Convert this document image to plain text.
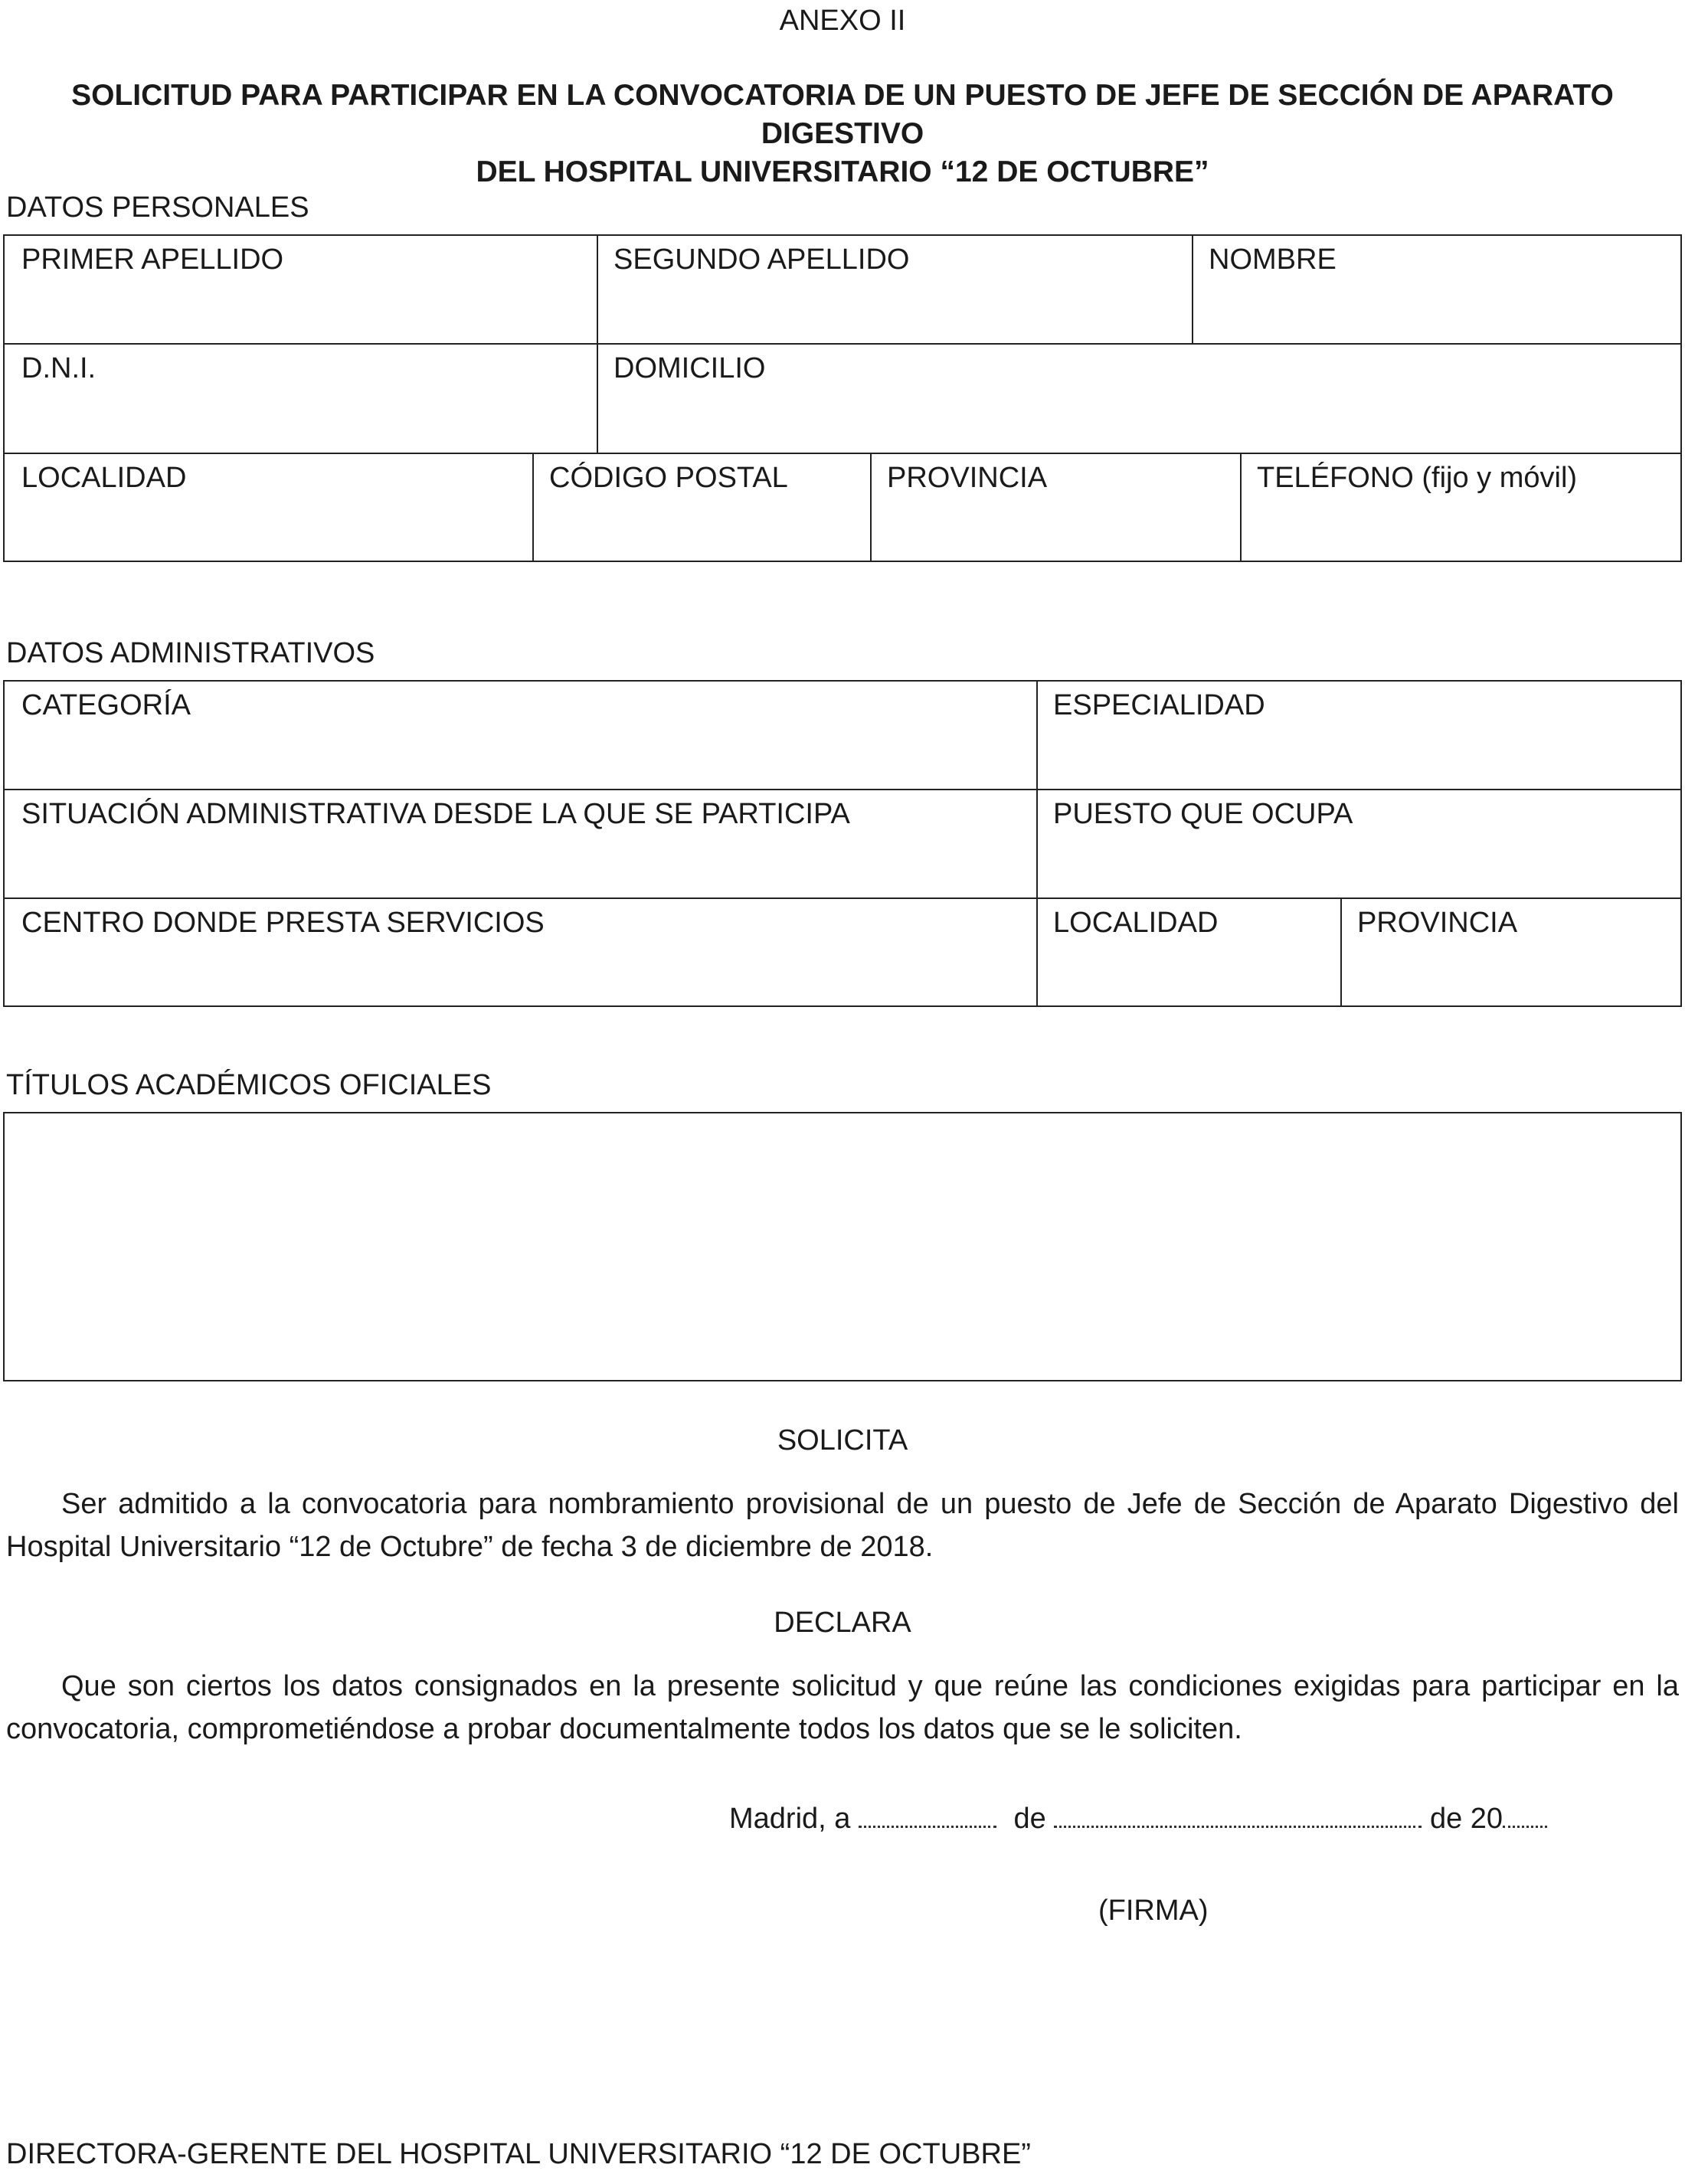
ANEXO II
SOLICITUD PARA PARTICIPAR EN LA CONVOCATORIA DE UN PUESTO DE JEFE DE SECCIÓN DE APARATO DIGESTIVO
DEL HOSPITAL UNIVERSITARIO “12 DE OCTUBRE”
DATOS PERSONALES
PRIMER APELLIDO	SEGUNDO APELLIDO	NOMBRE
D.N.I.	DOMICILIO
LOCALIDAD	CÓDIGO POSTAL	PROVINCIA	TELÉFONO (fijo y móvil)
DATOS ADMINISTRATIVOS
CATEGORÍA	ESPECIALIDAD
SITUACIÓN ADMINISTRATIVA DESDE LA QUE SE PARTICIPA	PUESTO QUE OCUPA
CENTRO DONDE PRESTA SERVICIOS	LOCALIDAD	PROVINCIA
TÍTULOS ACADÉMICOS OFICIALES
SOLICITA

Ser admitido a la convocatoria para nombramiento provisional de un puesto de Jefe de Sección de Aparato Digestivo del Hospital Universitario “12 de Octubre” de fecha 3 de diciembre de 2018.

DECLARA

Que son ciertos los datos consignados en la presente solicitud y que reúne las condiciones exigidas para participar en la convocatoria, comprometiéndose a probar documentalmente todos los datos que se le soliciten.

Madrid, a	de	de 20
(FIRMA)
DIRECTORA-GERENTE DEL HOSPITAL UNIVERSITARIO “12 DE OCTUBRE”
